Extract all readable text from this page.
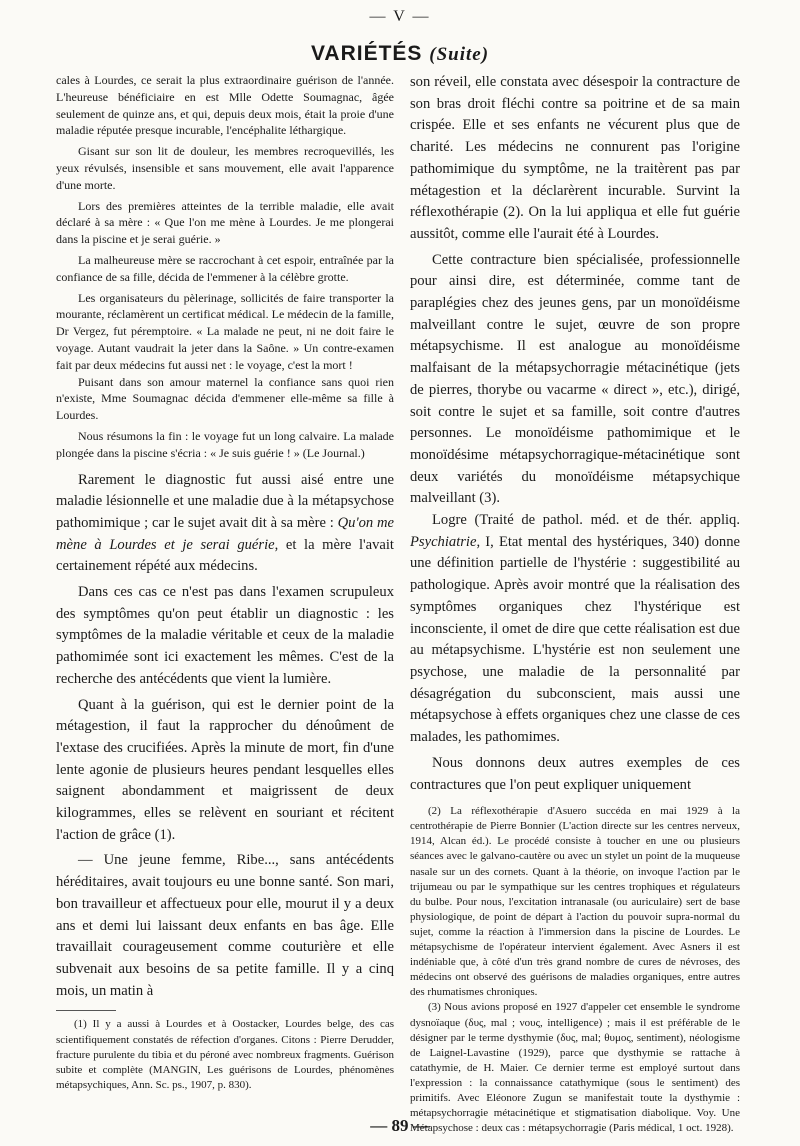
— V —
VARIÉTÉS (Suite)

cales à Lourdes, ce serait la plus extraordinaire guérison de l'année. L'heureuse bénéficiaire en est Mlle Odette Soumagnac, âgée seulement de quinze ans, et qui, depuis deux mois, était la proie d'une maladie réputée presque incurable, l'encéphalite léthargique.

Gisant sur son lit de douleur, les membres recroquevillés, les yeux révulsés, insensible et sans mouvement, elle avait l'apparence d'une morte.

Lors des premières atteintes de la terrible maladie, elle avait déclaré à sa mère : « Que l'on me mène à Lourdes. Je me plongerai dans la piscine et je serai guérie. »

La malheureuse mère se raccrochant à cet espoir, entraînée par la confiance de sa fille, décida de l'emmener à la célèbre grotte.

Les organisateurs du pèlerinage, sollicités de faire transporter la mourante, réclamèrent un certificat médical. Le médecin de la famille, Dr Vergez, fut péremptoire. « La malade ne peut, ni ne doit faire le voyage. Autant vaudrait la jeter dans la Saône. » Un contre-examen fait par deux médecins fut aussi net : le voyage, c'est la mort !

Puisant dans son amour maternel la confiance sans quoi rien n'existe, Mme Soumagnac décida d'emmener elle-même sa fille à Lourdes.

Nous résumons la fin : le voyage fut un long calvaire. La malade plongée dans la piscine s'écria : « Je suis guérie ! » (Le Journal.)

Rarement le diagnostic fut aussi aisé entre une maladie lésionnelle et une maladie due à la métapsychose pathomimique ; car le sujet avait dit à sa mère : Qu'on me mène à Lourdes et je serai guérie, et la mère l'avait certainement répété aux médecins.

Dans ces cas ce n'est pas dans l'examen scrupuleux des symptômes qu'on peut établir un diagnostic : les symptômes de la maladie véritable et ceux de la maladie pathomimée sont ici exactement les mêmes. C'est de la recherche des antécédents que vient la lumière.

Quant à la guérison, qui est le dernier point de la métagestion, il faut la rapprocher du dénoûment de l'extase des crucifiées. Après la minute de mort, fin d'une lente agonie de plusieurs heures pendant lesquelles elles saignent abondamment et maigrissent de deux kilogrammes, elles se relèvent en souriant et récitent l'action de grâce (1).

— Une jeune femme, Ribe..., sans antécédents héréditaires, avait toujours eu une bonne santé. Son mari, bon travailleur et affectueux pour elle, mourut il y a deux ans et demi lui laissant deux enfants en bas âge. Elle travaillait courageusement comme couturière et elle subvenait aux besoins de sa petite famille. Il y a cinq mois, un matin à

(1) Il y a aussi à Lourdes et à Oostacker, Lourdes belge, des cas scientifiquement constatés de réfection d'organes. Citons : Pierre Derudder, fracture purulente du tibia et du péroné avec nombreux fragments. Guérison subite et complète (MANGIN, Les guérisons de Lourdes, phénomènes métapsychiques, Ann. Sc. ps., 1907, p. 830).

son réveil, elle constata avec désespoir la contracture de son bras droit fléchi contre sa poitrine et de sa main crispée. Elle et ses enfants ne vécurent plus que de charité. Les médecins ne connurent pas l'origine pathomimique du symptôme, ne la traitèrent pas par métagestion et la déclarèrent incurable. Survint la réflexothérapie (2). On la lui appliqua et elle fut guérie aussitôt, comme elle l'aurait été à Lourdes.

Cette contracture bien spécialisée, professionnelle pour ainsi dire, est déterminée, comme tant de paraplégies chez des jeunes gens, par un monoïdéisme malveillant contre le sujet, œuvre de son propre métapsychisme. Il est analogue au monoïdéisme malfaisant de la métapsychorragie métacinétique (jets de pierres, thorybe ou vacarme « direct », etc.), dirigé, soit contre le sujet et sa famille, soit contre d'autres personnes. Le monoïdéisme pathomimique et le monoïdésime métapsychorragique-métacinétique sont deux variétés du monoïdéisme métapsychique malveillant (3).

Logre (Traité de pathol. méd. et de thér. appliq. Psychiatrie, I, Etat mental des hystériques, 340) donne une définition partielle de l'hystérie : suggestibilité au pathologique. Après avoir montré que la réalisation des symptômes organiques chez l'hystérique est inconsciente, il omet de dire que cette réalisation est due au métapsychisme. L'hystérie est non seulement une psychose, une maladie de la personnalité par désagrégation du subconscient, mais aussi une métapsychose à effets organiques chez une classe de ces malades, les pathomimes.

Nous donnons deux autres exemples de ces contractures que l'on peut expliquer uniquement

(2) La réflexothérapie d'Asuero succéda en mai 1929 à la centrothérapie de Pierre Bonnier (L'action directe sur les centres nerveux, 1914, Alcan éd.). Le procédé consiste à toucher en une ou plusieurs séances avec le galvano-cautère ou avec un stylet un point de la muqueuse nasale sur un des cornets. Quant à la théorie, on invoque l'action par le trijumeau ou par le sympathique sur les centres trophiques et régulateurs du bulbe. Pour nous, l'excitation intranasale (ou auriculaire) sert de base physiologique, de point de départ à l'action du pouvoir supra-normal du sujet, comme la réaction à l'immersion dans la piscine de Lourdes. Le métapsychisme de l'opérateur intervient également. Avec Asners il est indéniable que, à côté d'un très grand nombre de cures de névroses, des médecins ont observé des guérisons de maladies organiques, entre autres des rhumatismes chroniques.

(3) Nous avions proposé en 1927 d'appeler cet ensemble le syndrome dysnoïaque (δυς, mal ; νους, intelligence) ; mais il est préférable de le désigner par le terme dysthymie (δυς, mal; θυμος, sentiment), néologisme de Laignel-Lavastine (1929), parce que dysthymie se rattache à catathymie, de H. Maier. Ce dernier terme est employé surtout dans l'expression : la connaissance catathymique (sous le sentiment) des primitifs. Avec Eléonore Zugun se manifestait toute la dysthymie : métapsychorragie métacinétique et stigmatisation diabolique. Voy. Une Métapsychose : deux cas : métapsychorragie (Paris médical, 1 oct. 1928).

— 89 —
